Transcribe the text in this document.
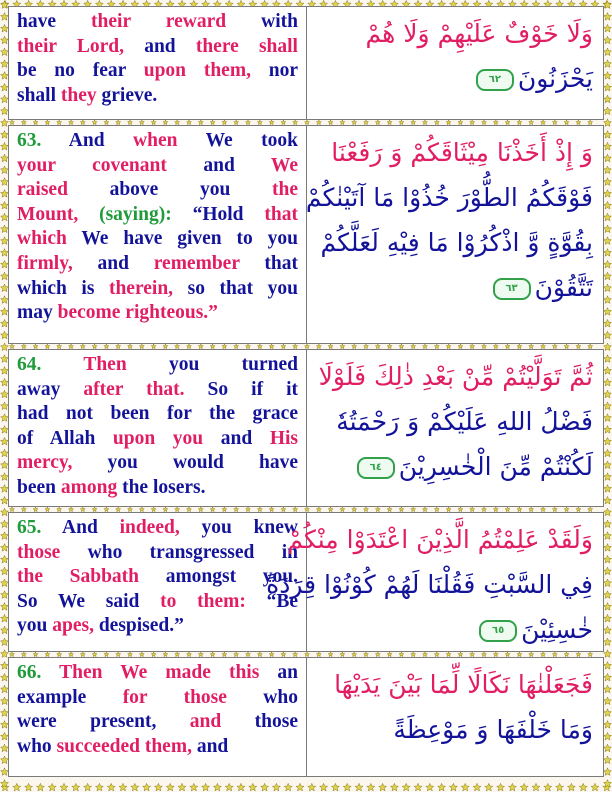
have their reward with
their Lord, and there shall
be no fear upon them, nor
shall they grieve.
وَلَا خَوْفٌ عَلَيْهِمْ وَلَا هُمْ
يَحْزَنُونَ٦٢
63. And when We took
your covenant and We
raised above you the
Mount, (saying): “Hold that
which We have given to you
firmly, and remember that
which is therein, so that you
may become righteous.”
وَ إِذْ أَخَذْنَا مِيْثَاقَكُمْ وَ رَفَعْنَا
فَوْقَكُمُ الطُّوْرَ خُذُوْا مَا آتَيْنٰكُمْ
بِقُوَّةٍ وَّ اذْكُرُوْا مَا فِيْهِ لَعَلَّكُمْ
تَتَّقُوْنَ٦٣
64. Then you turned
away after that. So if it
had not been for the grace
of Allah upon you and His
mercy, you would have
been among the losers.
ثُمَّ تَوَلَّيْتُمْ مِّنْ بَعْدِ ذٰلِكَ فَلَوْلَا
فَضْلُ اللهِ عَلَيْكُمْ وَ رَحْمَتُهٗ
لَكُنْتُمْ مِّنَ الْخٰسِرِيْنَ٦٤
65. And indeed, you knew
those who transgressed in
the Sabbath amongst you.
So We said to them: “Be
you apes, despised.”
وَلَقَدْ عَلِمْتُمُ الَّذِيْنَ اعْتَدَوْا مِنْكُمْ
فِي السَّبْتِ فَقُلْنَا لَهُمْ كُوْنُوْا قِرَدَةً
خٰسِئِيْنَ٦٥
66. Then We made this an
example for those who
were present, and those
who succeeded them, and
فَجَعَلْنٰهَا نَكَالًا لِّمَا بَيْنَ يَدَيْهَا
وَمَا خَلْفَهَا وَ مَوْعِظَةً
